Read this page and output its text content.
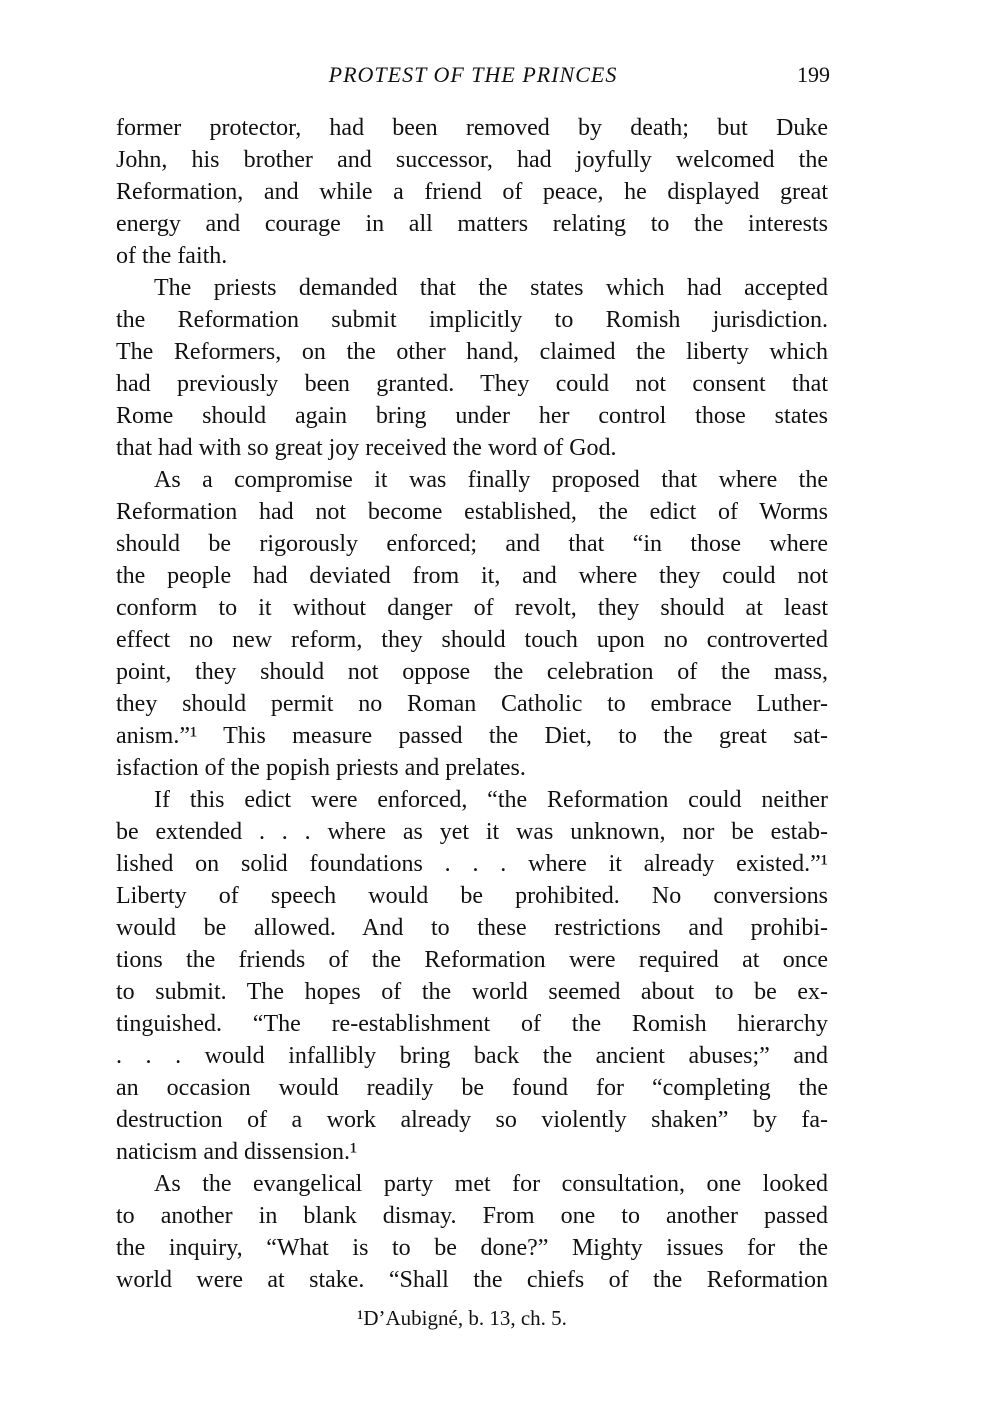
PROTEST OF THE PRINCES	199
former protector, had been removed by death; but Duke
John, his brother and successor, had joyfully welcomed the
Reformation, and while a friend of peace, he displayed great
energy and courage in all matters relating to the interests
of the faith.
The priests demanded that the states which had accepted
the Reformation submit implicitly to Romish jurisdiction.
The Reformers, on the other hand, claimed the liberty which
had previously been granted. They could not consent that
Rome should again bring under her control those states
that had with so great joy received the word of God.
As a compromise it was finally proposed that where the
Reformation had not become established, the edict of Worms
should be rigorously enforced; and that “in those where
the people had deviated from it, and where they could not
conform to it without danger of revolt, they should at least
effect no new reform, they should touch upon no controverted
point, they should not oppose the celebration of the mass,
they should permit no Roman Catholic to embrace Luther-
anism.”¹ This measure passed the Diet, to the great sat-
isfaction of the popish priests and prelates.
If this edict were enforced, “the Reformation could neither
be extended . . . where as yet it was unknown, nor be estab-
lished on solid foundations . . . where it already existed.”¹
Liberty of speech would be prohibited. No conversions
would be allowed. And to these restrictions and prohibi-
tions the friends of the Reformation were required at once
to submit. The hopes of the world seemed about to be ex-
tinguished. “The re-establishment of the Romish hierarchy
. . . would infallibly bring back the ancient abuses;” and
an occasion would readily be found for “completing the
destruction of a work already so violently shaken” by fa-
naticism and dissension.¹
As the evangelical party met for consultation, one looked
to another in blank dismay. From one to another passed
the inquiry, “What is to be done?” Mighty issues for the
world were at stake. “Shall the chiefs of the Reformation
¹D’Aubigné, b. 13, ch. 5.
